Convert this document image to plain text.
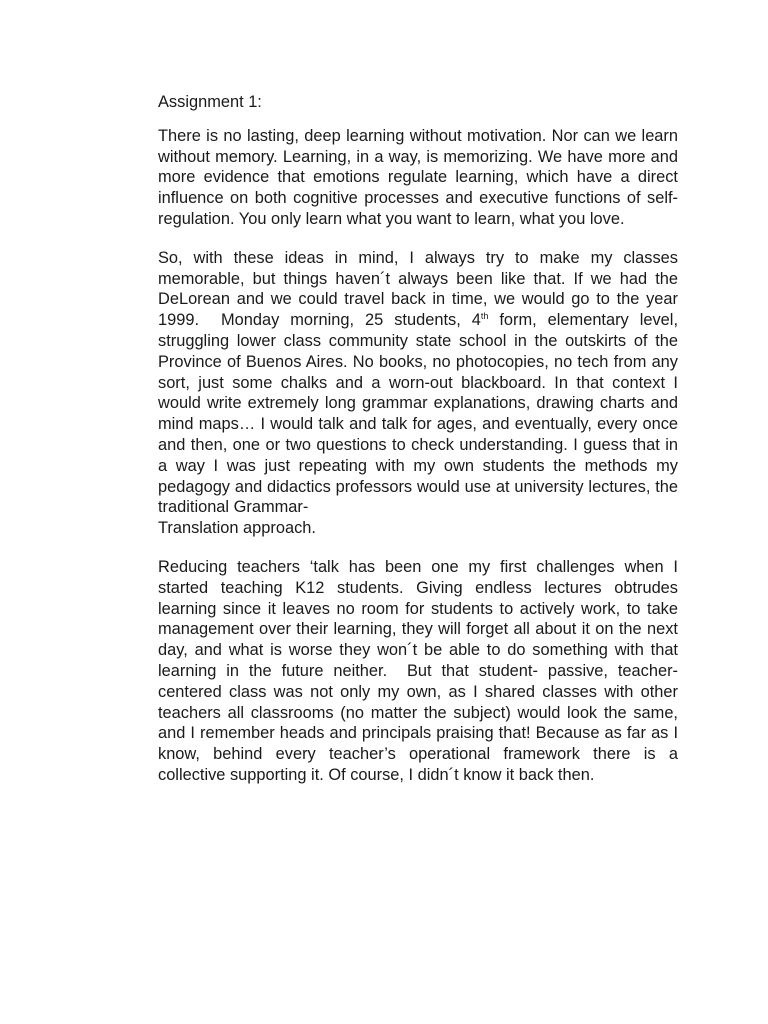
Assignment 1:

There is no lasting, deep learning without motivation. Nor can we learn without memory. Learning, in a way, is memorizing. We have more and more evidence that emotions regulate learning, which have a direct influence on both cognitive processes and executive functions of self-regulation. You only learn what you want to learn, what you love.

So, with these ideas in mind, I always try to make my classes memorable, but things haven´t always been like that. If we had the DeLorean and we could travel back in time, we would go to the year 1999.  Monday morning, 25 students, 4th form, elementary level, struggling lower class community state school in the outskirts of the Province of Buenos Aires. No books, no photocopies, no tech from any sort, just some chalks and a worn-out blackboard. In that context I would write extremely long grammar explanations, drawing charts and mind maps… I would talk and talk for ages, and eventually, every once and then, one or two questions to check understanding. I guess that in a way I was just repeating with my own students the methods my pedagogy and didactics professors would use at university lectures, the traditional Grammar-
Translation approach.

Reducing teachers ‘talk has been one my first challenges when I started teaching K12 students. Giving endless lectures obtrudes learning since it leaves no room for students to actively work, to take management over their learning, they will forget all about it on the next day, and what is worse they won´t be able to do something with that learning in the future neither.  But that student- passive, teacher-centered class was not only my own, as I shared classes with other teachers all classrooms (no matter the subject) would look the same, and I remember heads and principals praising that! Because as far as I know, behind every teacher’s operational framework there is a collective supporting it. Of course, I didn´t know it back then.
